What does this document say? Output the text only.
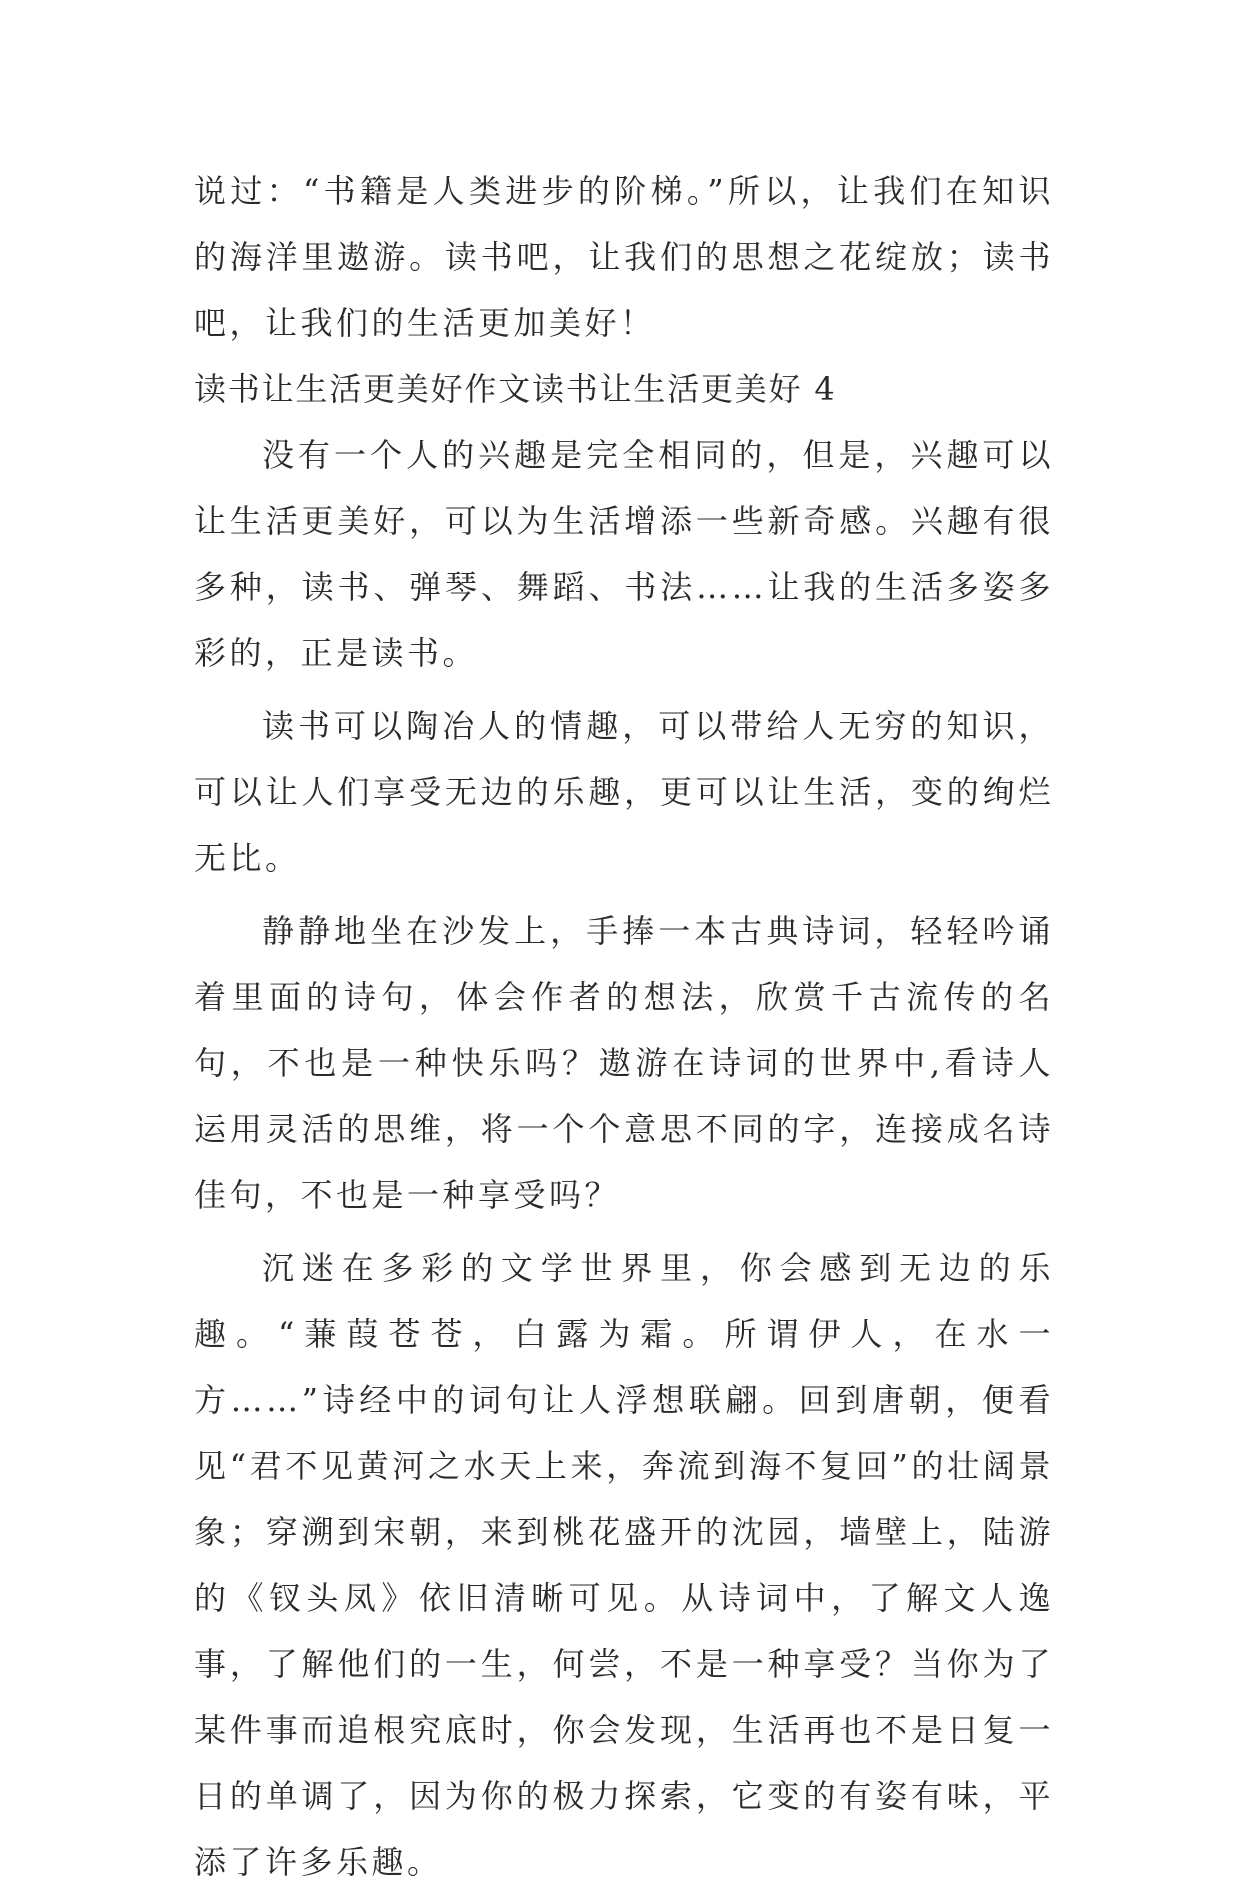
说过：“书籍是人类进步的阶梯。”所以，让我们在知识的海洋里遨游。读书吧，让我们的思想之花绽放；读书吧，让我们的生活更加美好！

读书让生活更美好作文读书让生活更美好 4

没有一个人的兴趣是完全相同的，但是，兴趣可以让生活更美好，可以为生活增添一些新奇感。兴趣有很多种，读书、弹琴、舞蹈、书法……让我的生活多姿多彩的，正是读书。

读书可以陶冶人的情趣，可以带给人无穷的知识，可以让人们享受无边的乐趣，更可以让生活，变的绚烂无比。

静静地坐在沙发上，手捧一本古典诗词，轻轻吟诵着里面的诗句，体会作者的想法，欣赏千古流传的名句，不也是一种快乐吗？遨游在诗词的世界中,看诗人运用灵活的思维，将一个个意思不同的字，连接成名诗佳句，不也是一种享受吗？

沉迷在多彩的文学世界里，你会感到无边的乐趣。“蒹葭苍苍，白露为霜。所谓伊人，在水一方……”诗经中的词句让人浮想联翩。回到唐朝，便看见“君不见黄河之水天上来，奔流到海不复回”的壮阔景象；穿溯到宋朝，来到桃花盛开的沈园，墙壁上，陆游的《钗头凤》依旧清晰可见。从诗词中，了解文人逸事，了解他们的一生，何尝，不是一种享受？当你为了某件事而追根究底时，你会发现，生活再也不是日复一日的单调了，因为你的极力探索，它变的有姿有味，平添了许多乐趣。
